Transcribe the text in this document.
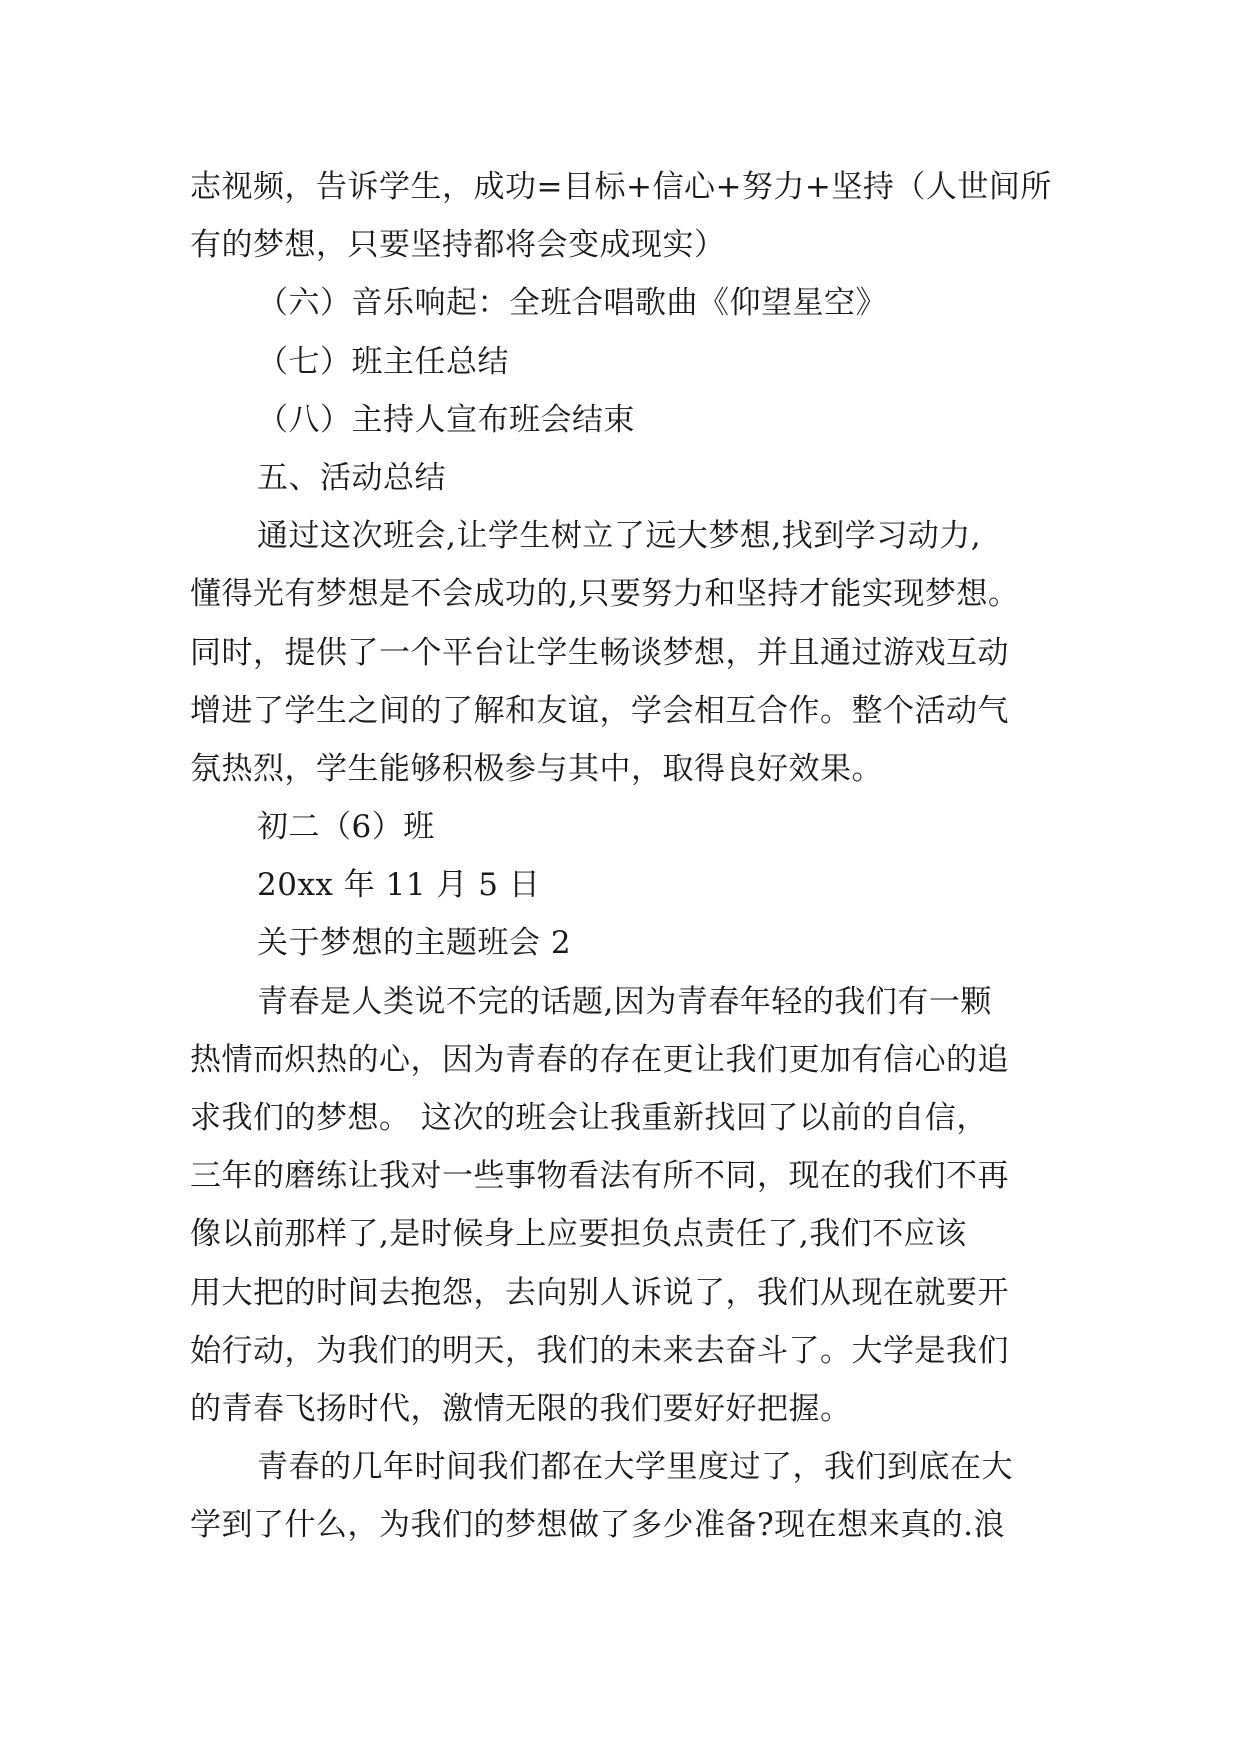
志视频，告诉学生，成功=目标+信心+努力+坚持（人世间所
有的梦想，只要坚持都将会变成现实）
（六）音乐响起：全班合唱歌曲《仰望星空》
（七）班主任总结
（八）主持人宣布班会结束
五、活动总结
通过这次班会,让学生树立了远大梦想,找到学习动力,
懂得光有梦想是不会成功的,只要努力和坚持才能实现梦想。
同时，提供了一个平台让学生畅谈梦想，并且通过游戏互动
增进了学生之间的了解和友谊，学会相互合作。整个活动气
氛热烈，学生能够积极参与其中，取得良好效果。
初二（6）班
20xx 年 11 月 5 日
关于梦想的主题班会 2
青春是人类说不完的话题,因为青春年轻的我们有一颗
热情而炽热的心，因为青春的存在更让我们更加有信心的追
求我们的梦想。 这次的班会让我重新找回了以前的自信，
三年的磨练让我对一些事物看法有所不同，现在的我们不再
像以前那样了,是时候身上应要担负点责任了,我们不应该
用大把的时间去抱怨，去向别人诉说了，我们从现在就要开
始行动，为我们的明天，我们的未来去奋斗了。大学是我们
的青春飞扬时代，激情无限的我们要好好把握。
青春的几年时间我们都在大学里度过了，我们到底在大
学到了什么，为我们的梦想做了多少准备?现在想来真的.浪
